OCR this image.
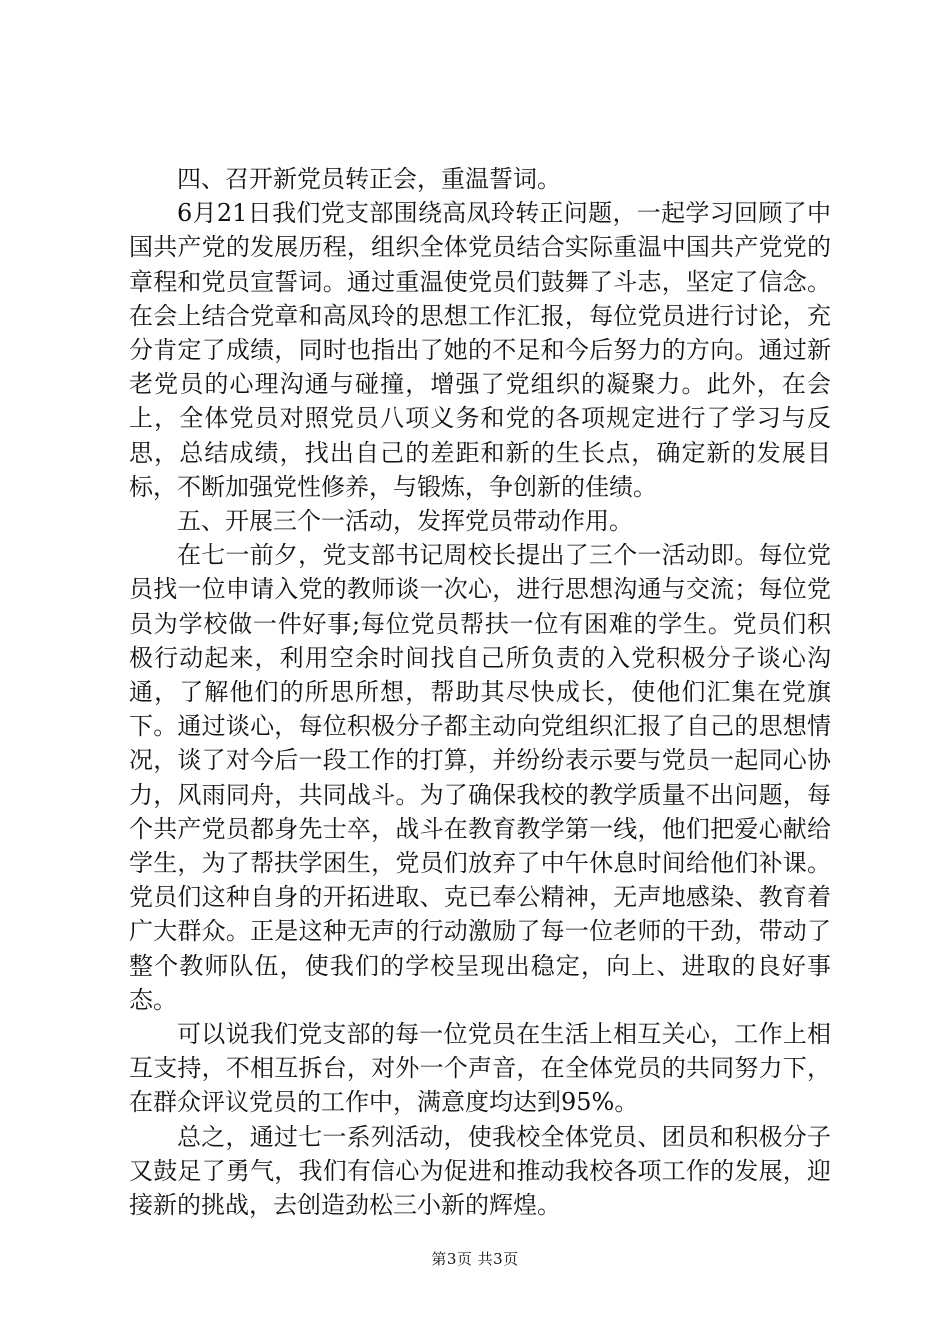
四、召开新党员转正会，重温誓词。

6月21日我们党支部围绕高凤玲转正问题，一起学习回顾了中国共产党的发展历程，组织全体党员结合实际重温中国共产党党的章程和党员宣誓词。通过重温使党员们鼓舞了斗志，坚定了信念。在会上结合党章和高凤玲的思想工作汇报，每位党员进行讨论，充分肯定了成绩，同时也指出了她的不足和今后努力的方向。通过新老党员的心理沟通与碰撞，增强了党组织的凝聚力。此外，在会上，全体党员对照党员八项义务和党的各项规定进行了学习与反思，总结成绩，找出自己的差距和新的生长点，确定新的发展目标，不断加强党性修养，与锻炼，争创新的佳绩。

五、开展三个一活动，发挥党员带动作用。

在七一前夕，党支部书记周校长提出了三个一活动即。每位党员找一位申请入党的教师谈一次心，进行思想沟通与交流；每位党员为学校做一件好事;每位党员帮扶一位有困难的学生。党员们积极行动起来，利用空余时间找自己所负责的入党积极分子谈心沟通，了解他们的所思所想，帮助其尽快成长，使他们汇集在党旗下。通过谈心，每位积极分子都主动向党组织汇报了自己的思想情况，谈了对今后一段工作的打算，并纷纷表示要与党员一起同心协力，风雨同舟，共同战斗。为了确保我校的教学质量不出问题，每个共产党员都身先士卒，战斗在教育教学第一线，他们把爱心献给学生，为了帮扶学困生，党员们放弃了中午休息时间给他们补课。党员们这种自身的开拓进取、克已奉公精神，无声地感染、教育着广大群众。正是这种无声的行动激励了每一位老师的干劲，带动了整个教师队伍，使我们的学校呈现出稳定，向上、进取的良好事态。

可以说我们党支部的每一位党员在生活上相互关心，工作上相互支持，不相互拆台，对外一个声音，在全体党员的共同努力下，在群众评议党员的工作中，满意度均达到95%。

总之，通过七一系列活动，使我校全体党员、团员和积极分子又鼓足了勇气，我们有信心为促进和推动我校各项工作的发展，迎接新的挑战，去创造劲松三小新的辉煌。

第3页 共3页
